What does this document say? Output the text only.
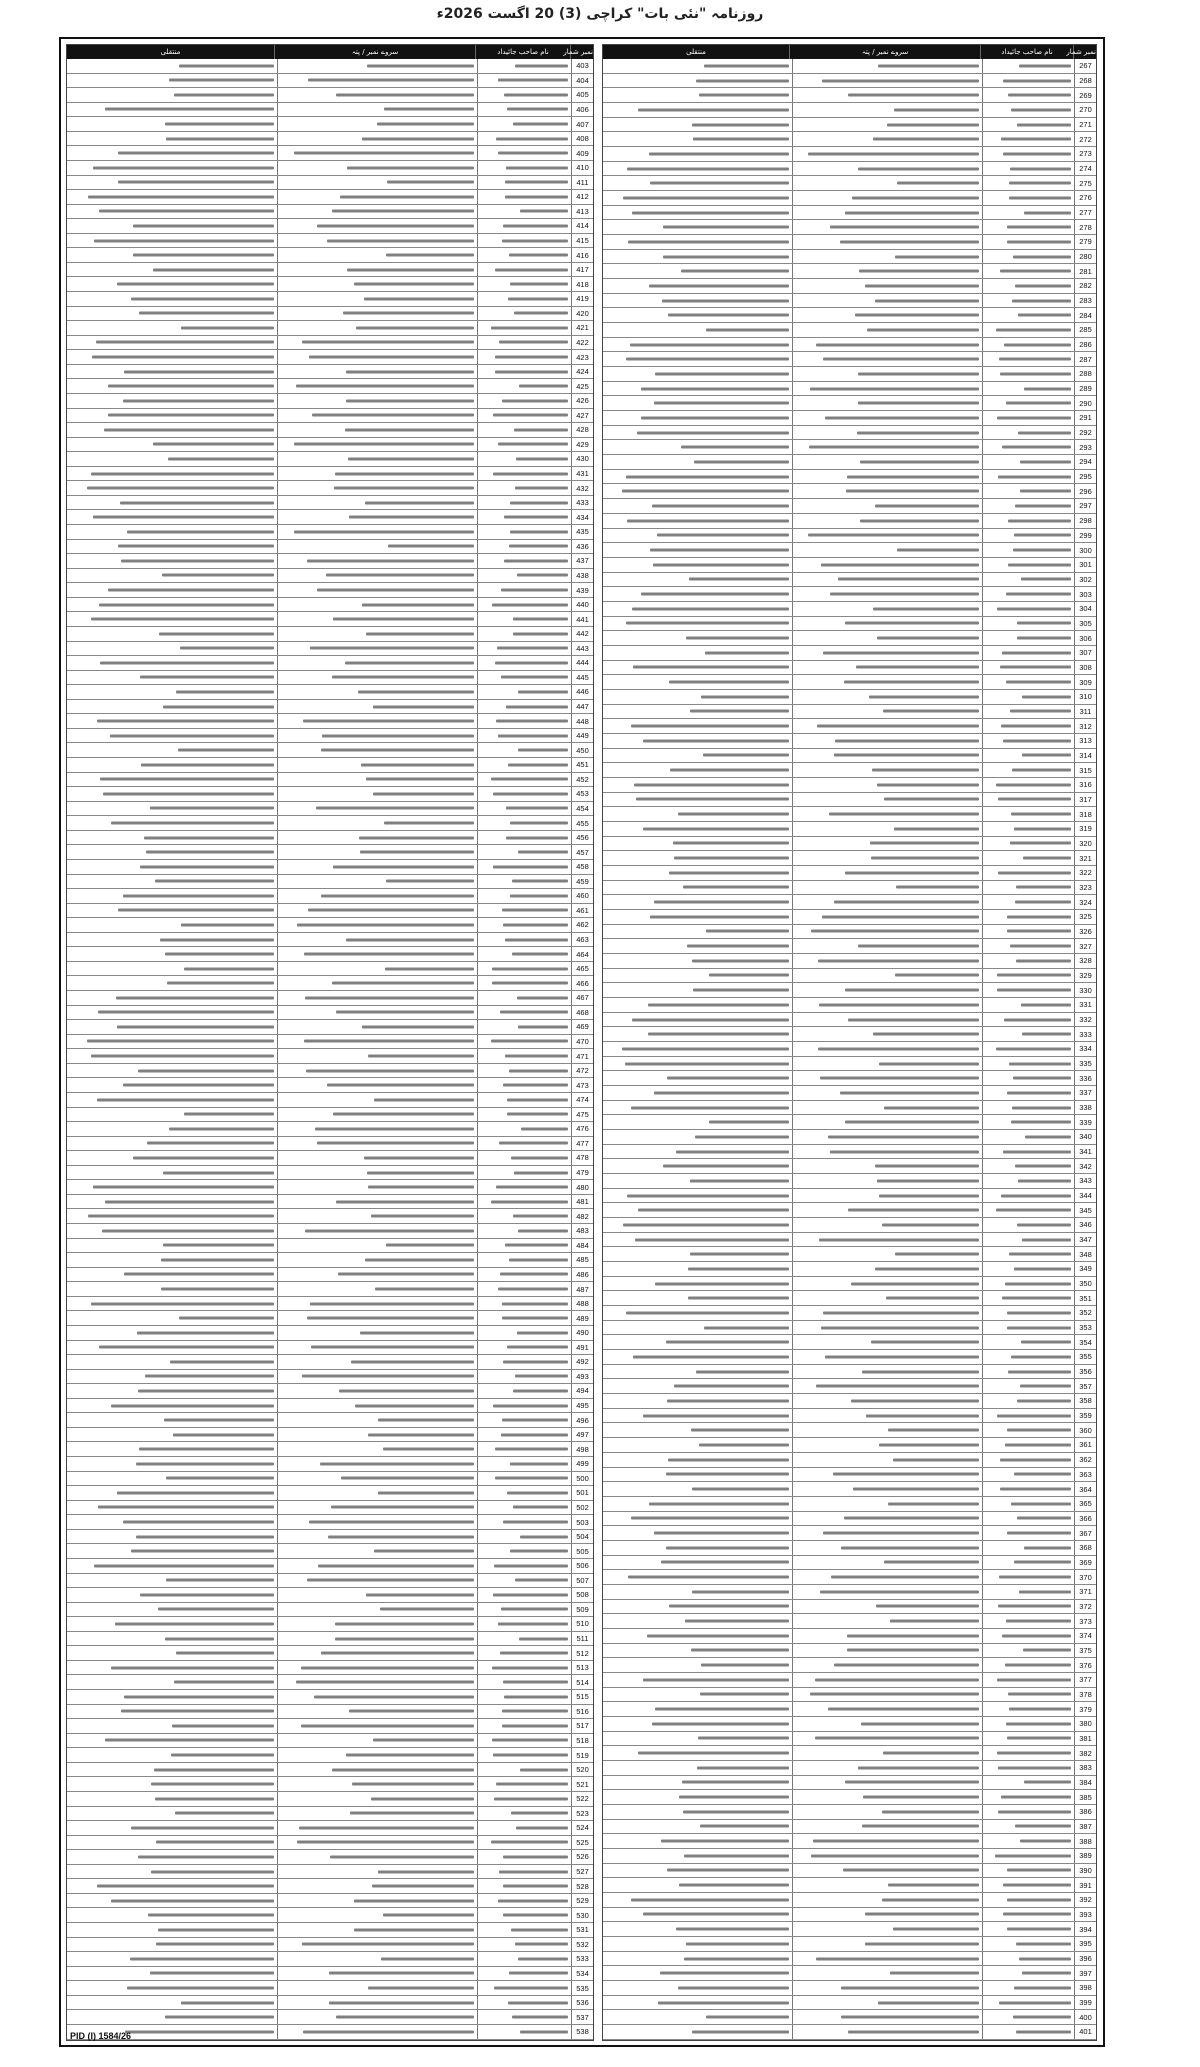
روزنامہ "نئی بات" کراچی (3) 20 اگست 2026ء
نمبر شمار
نام صاحب جائیداد
سروے نمبر / پتہ
منتقلی
267
268
269
270
271
272
273
274
275
276
277
278
279
280
281
282
283
284
285
286
287
288
289
290
291
292
293
294
295
296
297
298
299
300
301
302
303
304
305
306
307
308
309
310
311
312
313
314
315
316
317
318
319
320
321
322
323
324
325
326
327
328
329
330
331
332
333
334
335
336
337
338
339
340
341
342
343
344
345
346
347
348
349
350
351
352
353
354
355
356
357
358
359
360
361
362
363
364
365
366
367
368
369
370
371
372
373
374
375
376
377
378
379
380
381
382
383
384
385
386
387
388
389
390
391
392
393
394
395
396
397
398
399
400
401
نمبر شمار
نام صاحب جائیداد
سروے نمبر / پتہ
منتقلی
403
404
405
406
407
408
409
410
411
412
413
414
415
416
417
418
419
420
421
422
423
424
425
426
427
428
429
430
431
432
433
434
435
436
437
438
439
440
441
442
443
444
445
446
447
448
449
450
451
452
453
454
455
456
457
458
459
460
461
462
463
464
465
466
467
468
469
470
471
472
473
474
475
476
477
478
479
480
481
482
483
484
485
486
487
488
489
490
491
492
493
494
495
496
497
498
499
500
501
502
503
504
505
506
507
508
509
510
511
512
513
514
515
516
517
518
519
520
521
522
523
524
525
526
527
528
529
530
531
532
533
534
535
536
537
538
PID (I) 1584/26
